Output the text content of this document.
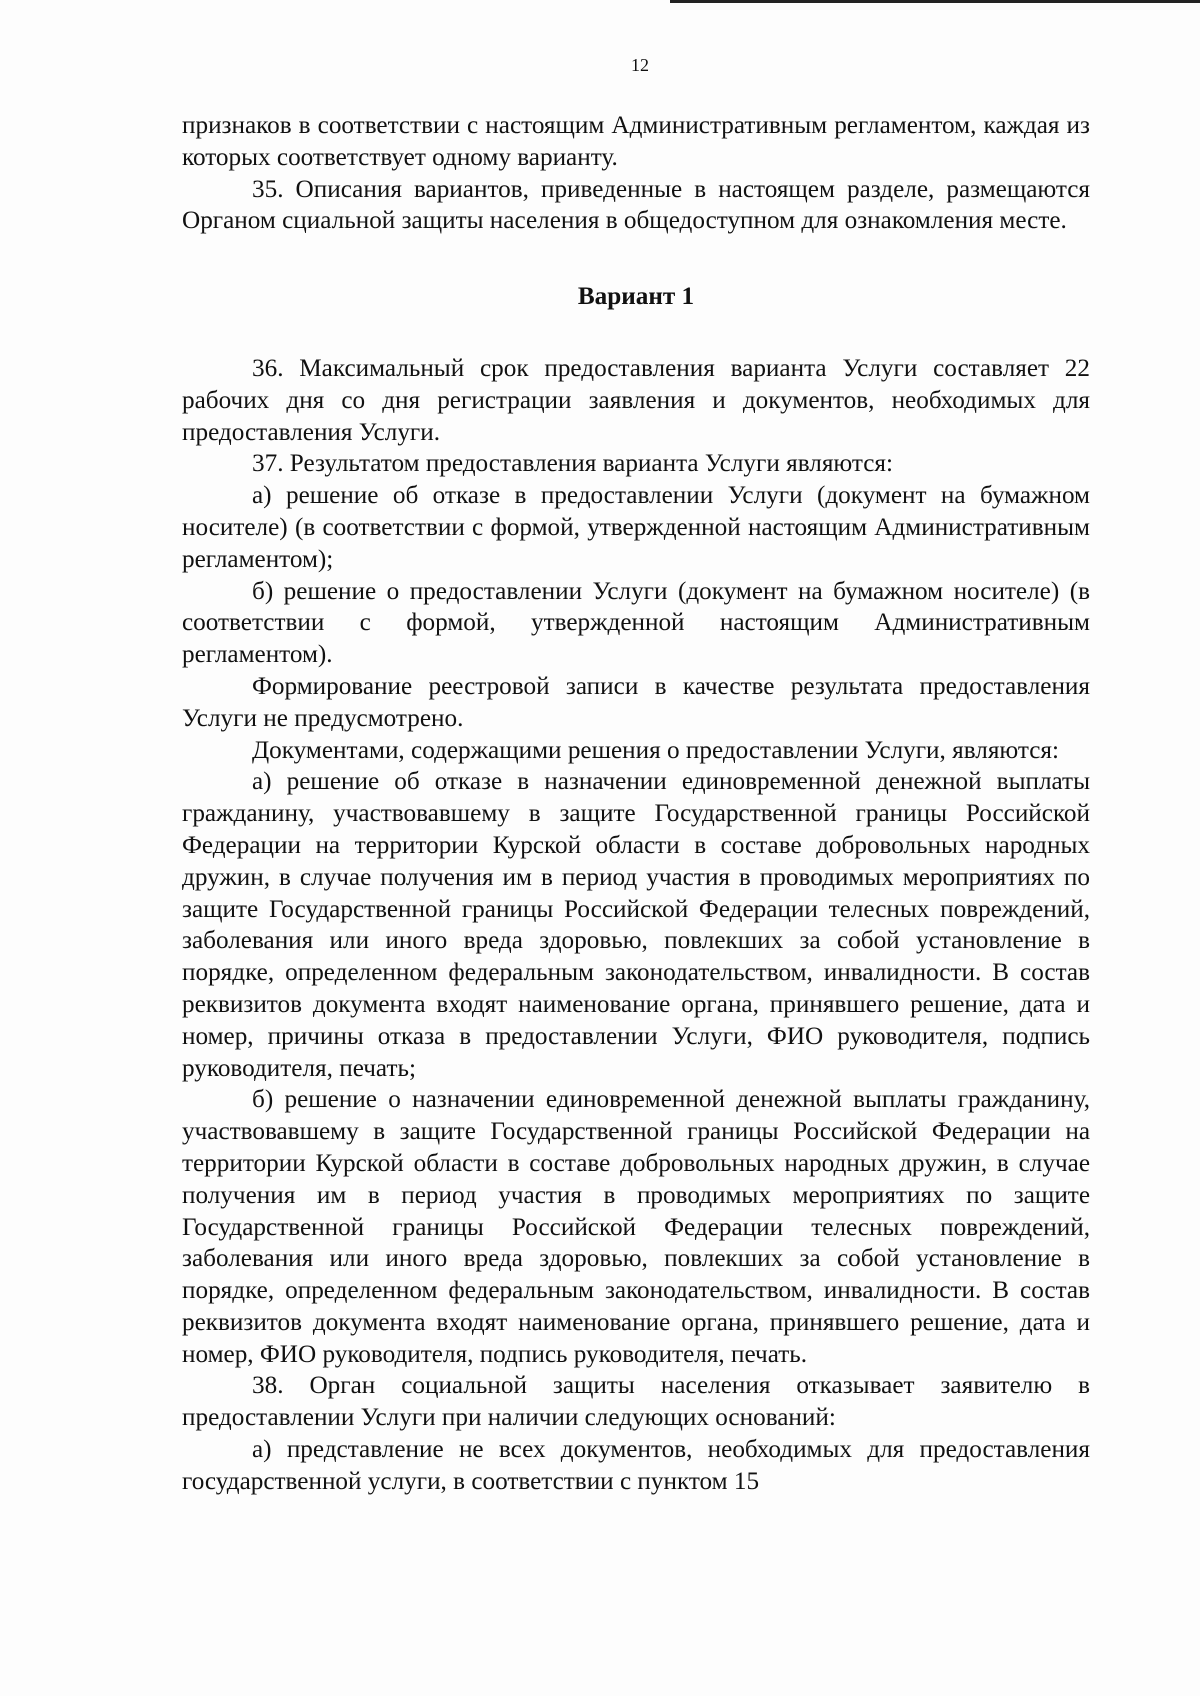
12

признаков в соответствии с настоящим Административным регламентом, каждая из которых соответствует одному варианту.

35. Описания вариантов, приведенные в настоящем разделе, размещаются Органом сциальной защиты населения в общедоступном для ознакомления месте.

Вариант 1

36. Максимальный срок предоставления варианта Услуги составляет 22 рабочих дня со дня регистрации заявления и документов, необходимых для предоставления Услуги.

37. Результатом предоставления варианта Услуги являются:

а) решение об отказе в предоставлении Услуги (документ на бумажном носителе) (в соответствии с формой, утвержденной настоящим Административным регламентом);

б) решение о предоставлении Услуги (документ на бумажном носителе) (в соответствии с формой, утвержденной настоящим Административным регламентом).

Формирование реестровой записи в качестве результата предоставления Услуги не предусмотрено.

Документами, содержащими решения о предоставлении Услуги, являются:

а) решение об отказе в назначении единовременной денежной выплаты гражданину, участвовавшему в защите Государственной границы Российской Федерации на территории Курской области в составе добровольных народных дружин, в случае получения им в период участия в проводимых мероприятиях по защите Государственной границы Российской Федерации телесных повреждений, заболевания или иного вреда здоровью, повлекших за собой установление в порядке, определенном федеральным законодательством, инвалидности. В состав реквизитов документа входят наименование органа, принявшего решение, дата и номер, причины отказа в предоставлении Услуги, ФИО руководителя, подпись руководителя, печать;

б) решение о назначении единовременной денежной выплаты гражданину, участвовавшему в защите Государственной границы Российской Федерации на территории Курской области в составе добровольных народных дружин, в случае получения им в период участия в проводимых мероприятиях по защите Государственной границы Российской Федерации телесных повреждений, заболевания или иного вреда здоровью, повлекших за собой установление в порядке, определенном федеральным законодательством, инвалидности. В состав реквизитов документа входят наименование органа, принявшего решение, дата и номер, ФИО руководителя, подпись руководителя, печать.

38. Орган социальной защиты населения отказывает заявителю в предоставлении Услуги при наличии следующих оснований:

а) представление не всех документов, необходимых для предоставления государственной услуги, в соответствии с пунктом 15
